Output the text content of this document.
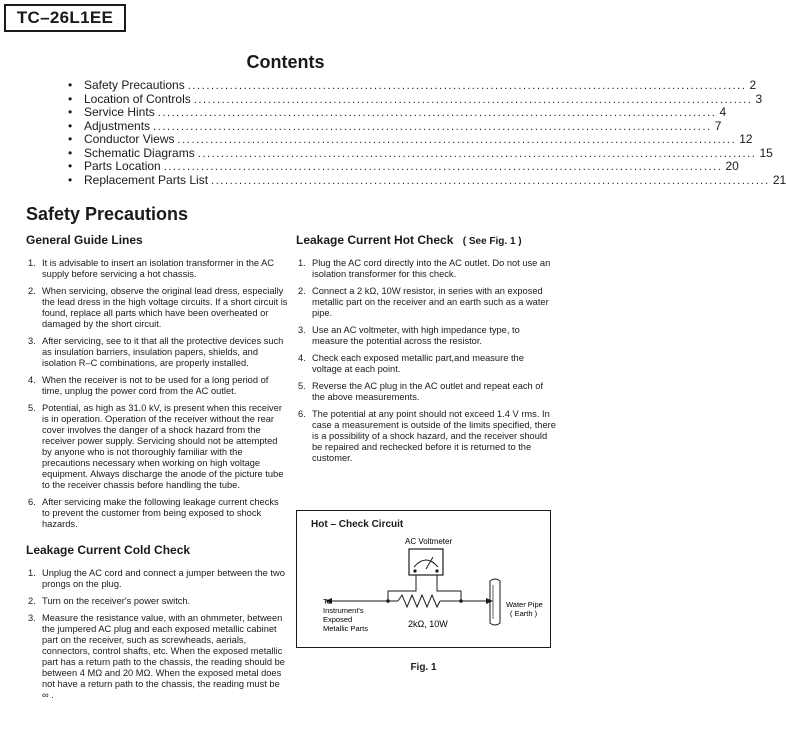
TC–26L1EE
Contents
• Safety Precautions ........................................................................................................................ 2
• Location of Controls ........................................................................................................................ 3
• Service Hints ........................................................................................................................ 4
• Adjustments ........................................................................................................................ 7
• Conductor Views ........................................................................................................................ 12
• Schematic Diagrams ........................................................................................................................ 15
• Parts Location ........................................................................................................................ 20
• Replacement Parts List ........................................................................................................................ 21
Safety Precautions
General Guide Lines
1. It is advisable to insert an isolation transformer in the AC supply before servicing a hot chassis.
2. When servicing, observe the original lead dress, especially the lead dress in the high voltage circuits. If a short circuit is found, replace all parts which have been overheated or damaged by the short circuit.
3. After servicing, see to it that all the protective devices such as insulation barriers, insulation papers, shields, and isolation R–C combinations, are properly installed.
4. When the receiver is not to be used for a long period of time, unplug the power cord from the AC outlet.
5. Potential, as high as 31.0 kV, is present when this receiver is in operation. Operation of the receiver without the rear cover involves the danger of a shock hazard from the receiver power supply. Servicing should not be attempted by anyone who is not thoroughly familiar with the precautions necessary when working on high voltage equipment. Always discharge the anode of the picture tube to the receiver chassis before handling the tube.
6. After servicing make the following leakage current checks to prevent the customer from being exposed to shock hazards.
Leakage Current Cold Check
1. Unplug the AC cord and connect a jumper between the two prongs on the plug.
2. Turn on the receiver's power switch.
3. Measure the resistance value, with an ohmmeter, between the jumpered AC plug and each exposed metallic cabinet part on the receiver, such as screwheads, aerials, connectors, control shafts, etc. When the exposed metallic part has a return path to the chassis, the reading should be between 4 MΩ and 20 MΩ. When the exposed metal does not have a return path to the chassis, the reading must be ∞ .
Leakage Current Hot Check ( See Fig. 1 )
1. Plug the AC cord directly into the AC outlet. Do not use an isolation transformer for this check.
2. Connect a 2 kΩ, 10W resistor, in series with an exposed metallic part on the receiver and an earth such as a water pipe.
3. Use an AC voltmeter, with high impedance type, to measure the potential across the resistor.
4. Check each exposed metallic part,and measure the voltage at each point.
5. Reverse the AC plug in the AC outlet and repeat each of the above measurements.
6. The potential at any point should not exceed 1.4 V rms. In case a measurement is outside of the limits specified, there is a possibility of a shock hazard, and the receiver should be repaired and rechecked before it is returned to the customer.
Hot – Check Circuit
AC Voltmeter
To Instrument's Exposed Metallic Parts	2kΩ, 10W
Water Pipe
( Earth )
Fig. 1
